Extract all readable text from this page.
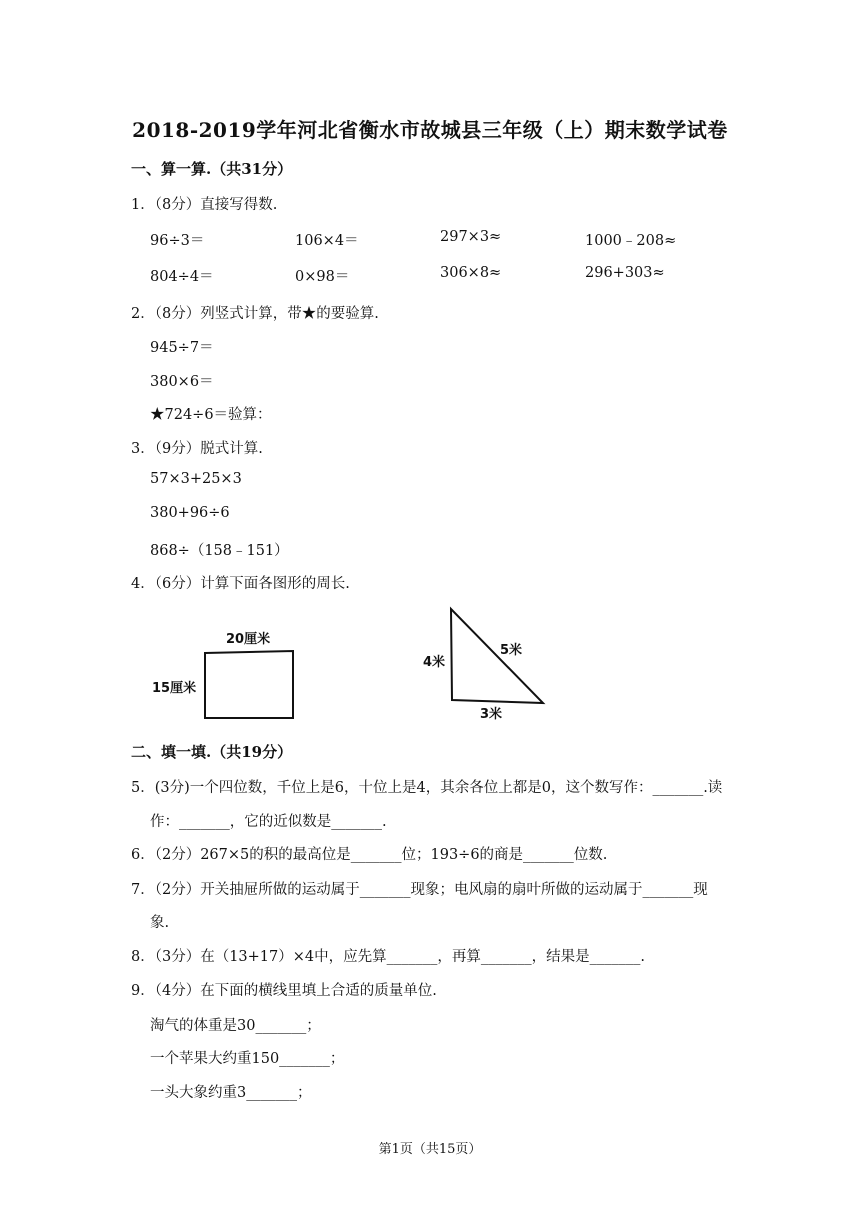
2018-2019学年河北省衡水市故城县三年级（上）期末数学试卷
一、算一算.（共31分）
1．（8分）直接写得数.
96÷3＝	106×4＝	297×3≈	1000﹣208≈
804÷4＝	0×98＝	306×8≈	296+303≈
2．（8分）列竖式计算，带★的要验算.
945÷7＝
380×6＝
★724÷6＝验算：
3．（9分）脱式计算.
57×3+25×3
380+96÷6
868÷（158﹣151）
4．（6分）计算下面各图形的周长.
20厘米
15厘米
4米
5米
3米
二、填一填.（共19分）
5．(3分)一个四位数，千位上是6，十位上是4，其余各位上都是0，这个数写作：_______.读
作：_______，它的近似数是_______.
6．（2分）267×5的积的最高位是_______位；193÷6的商是_______位数.
7．（2分）开关抽屉所做的运动属于_______现象；电风扇的扇叶所做的运动属于_______现
象.
8．（3分）在（13+17）×4中，应先算_______，再算_______，结果是_______.
9．（4分）在下面的横线里填上合适的质量单位.
淘气的体重是30_______；
一个苹果大约重150_______；
一头大象约重3_______；
第1页（共15页）
